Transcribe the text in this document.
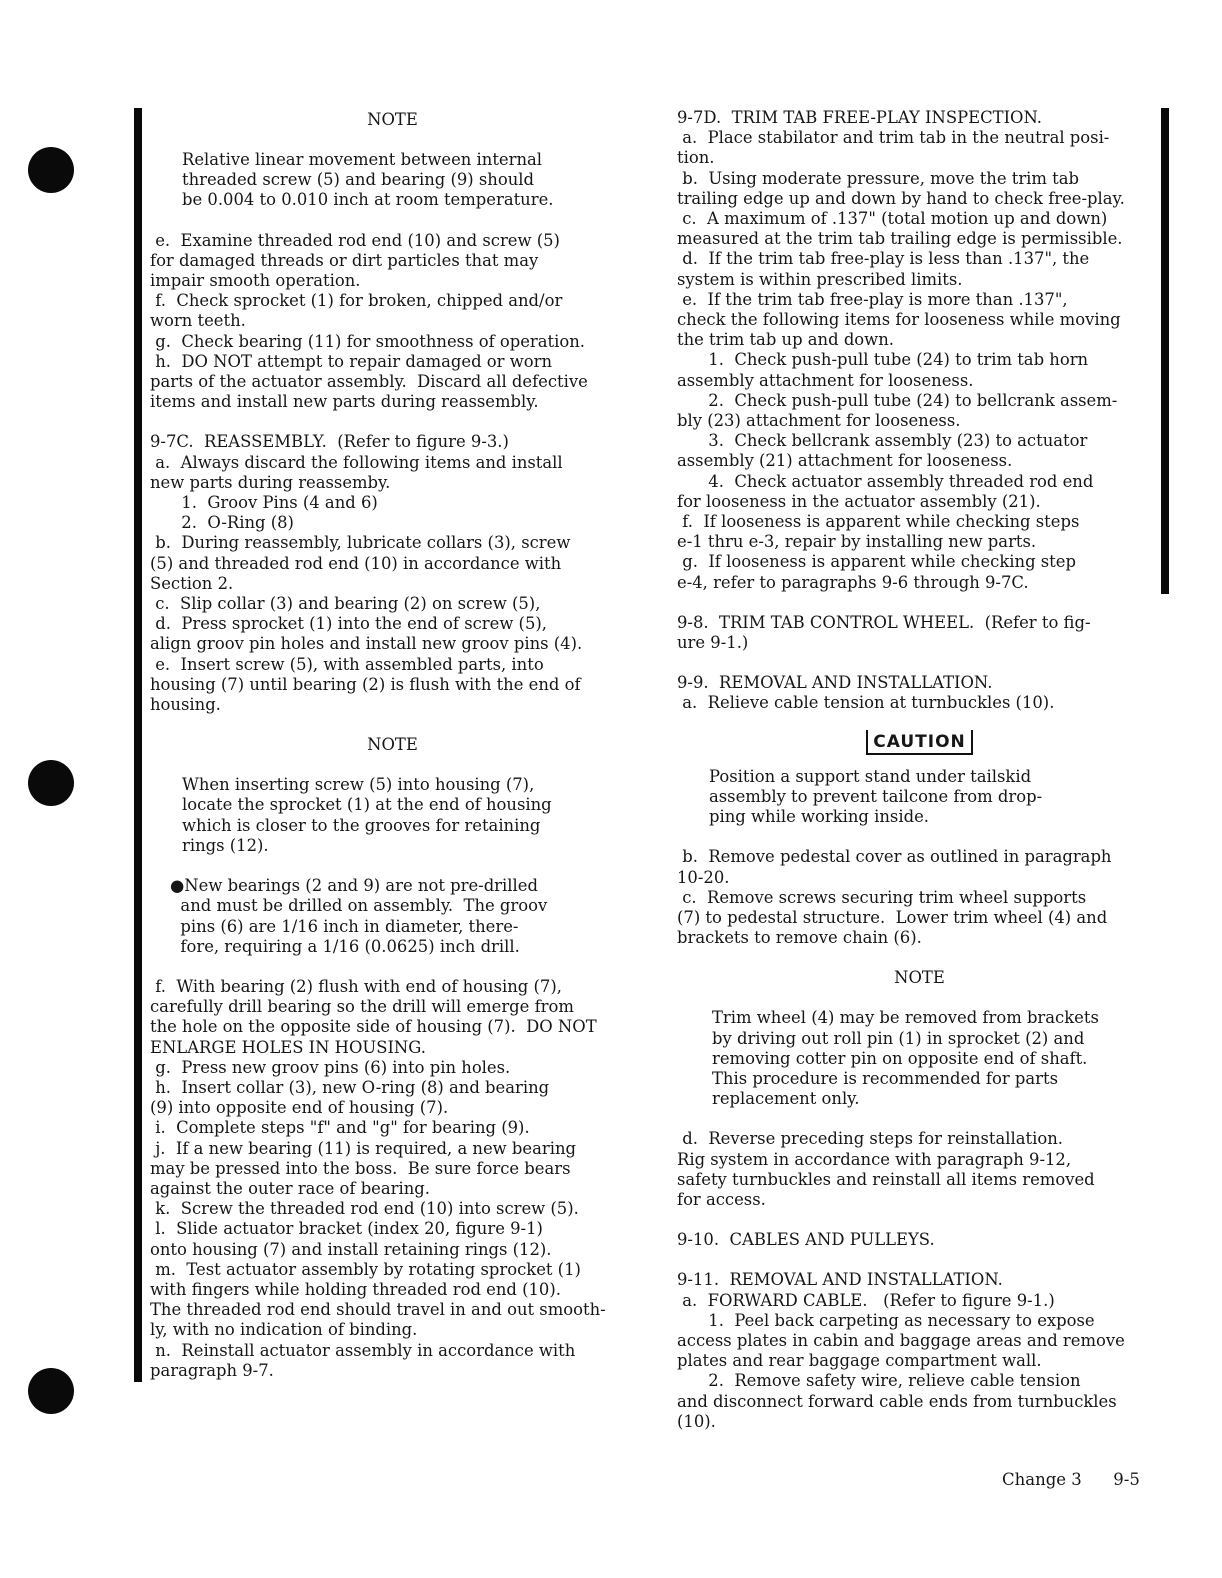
NOTE

Relative linear movement between internal

threaded screw (5) and bearing (9) should

be 0.004 to 0.010 inch at room temperature.

e.  Examine threaded rod end (10) and screw (5)

for damaged threads or dirt particles that may

impair smooth operation.

f.  Check sprocket (1) for broken, chipped and/or

worn teeth.

g.  Check bearing (11) for smoothness of operation.

h.  DO NOT attempt to repair damaged or worn

parts of the actuator assembly.  Discard all defective

items and install new parts during reassembly.

9-7C.  REASSEMBLY.  (Refer to figure 9-3.)

a.  Always discard the following items and install

new parts during reassemby.

1.  Groov Pins (4 and 6)

2.  O-Ring (8)

b.  During reassembly, lubricate collars (3), screw

(5) and threaded rod end (10) in accordance with

Section 2.

c.  Slip collar (3) and bearing (2) on screw (5),

d.  Press sprocket (1) into the end of screw (5),

align groov pin holes and install new groov pins (4).

e.  Insert screw (5), with assembled parts, into

housing (7) until bearing (2) is flush with the end of

housing.

NOTE

When inserting screw (5) into housing (7),

locate the sprocket (1) at the end of housing

which is closer to the grooves for retaining

rings (12).

●New bearings (2 and 9) are not pre-drilled

and must be drilled on assembly.  The groov

pins (6) are 1/16 inch in diameter, there-

fore, requiring a 1/16 (0.0625) inch drill.

f.  With bearing (2) flush with end of housing (7),

carefully drill bearing so the drill will emerge from

the hole on the opposite side of housing (7).  DO NOT

ENLARGE HOLES IN HOUSING.

g.  Press new groov pins (6) into pin holes.

h.  Insert collar (3), new O-ring (8) and bearing

(9) into opposite end of housing (7).

i.  Complete steps "f" and "g" for bearing (9).

j.  If a new bearing (11) is required, a new bearing

may be pressed into the boss.  Be sure force bears

against the outer race of bearing.

k.  Screw the threaded rod end (10) into screw (5).

l.  Slide actuator bracket (index 20, figure 9-1)

onto housing (7) and install retaining rings (12).

m.  Test actuator assembly by rotating sprocket (1)

with fingers while holding threaded rod end (10).

The threaded rod end should travel in and out smooth-

ly, with no indication of binding.

n.  Reinstall actuator assembly in accordance with

paragraph 9-7.

9-7D.  TRIM TAB FREE-PLAY INSPECTION.

a.  Place stabilator and trim tab in the neutral posi-

tion.

b.  Using moderate pressure, move the trim tab

trailing edge up and down by hand to check free-play.

c.  A maximum of .137" (total motion up and down)

measured at the trim tab trailing edge is permissible.

d.  If the trim tab free-play is less than .137", the

system is within prescribed limits.

e.  If the trim tab free-play is more than .137",

check the following items for looseness while moving

the trim tab up and down.

1.  Check push-pull tube (24) to trim tab horn

assembly attachment for looseness.

2.  Check push-pull tube (24) to bellcrank assem-

bly (23) attachment for looseness.

3.  Check bellcrank assembly (23) to actuator

assembly (21) attachment for looseness.

4.  Check actuator assembly threaded rod end

for looseness in the actuator assembly (21).

f.  If looseness is apparent while checking steps

e-1 thru e-3, repair by installing new parts.

g.  If looseness is apparent while checking step

e-4, refer to paragraphs 9-6 through 9-7C.

9-8.  TRIM TAB CONTROL WHEEL.  (Refer to fig-

ure 9-1.)

9-9.  REMOVAL AND INSTALLATION.

a.  Relieve cable tension at turnbuckles (10).

CAUTION

Position a support stand under tailskid

assembly to prevent tailcone from drop-

ping while working inside.

b.  Remove pedestal cover as outlined in paragraph

10-20.

c.  Remove screws securing trim wheel supports

(7) to pedestal structure.  Lower trim wheel (4) and

brackets to remove chain (6).

NOTE

Trim wheel (4) may be removed from brackets

by driving out roll pin (1) in sprocket (2) and

removing cotter pin on opposite end of shaft.

This procedure is recommended for parts

replacement only.

d.  Reverse preceding steps for reinstallation.

Rig system in accordance with paragraph 9-12,

safety turnbuckles and reinstall all items removed

for access.

9-10.  CABLES AND PULLEYS.

9-11.  REMOVAL AND INSTALLATION.

a.  FORWARD CABLE.   (Refer to figure 9-1.)

1.  Peel back carpeting as necessary to expose

access plates in cabin and baggage areas and remove

plates and rear baggage compartment wall.

2.  Remove safety wire, relieve cable tension

and disconnect forward cable ends from turnbuckles

(10).

Change 3 9-5
